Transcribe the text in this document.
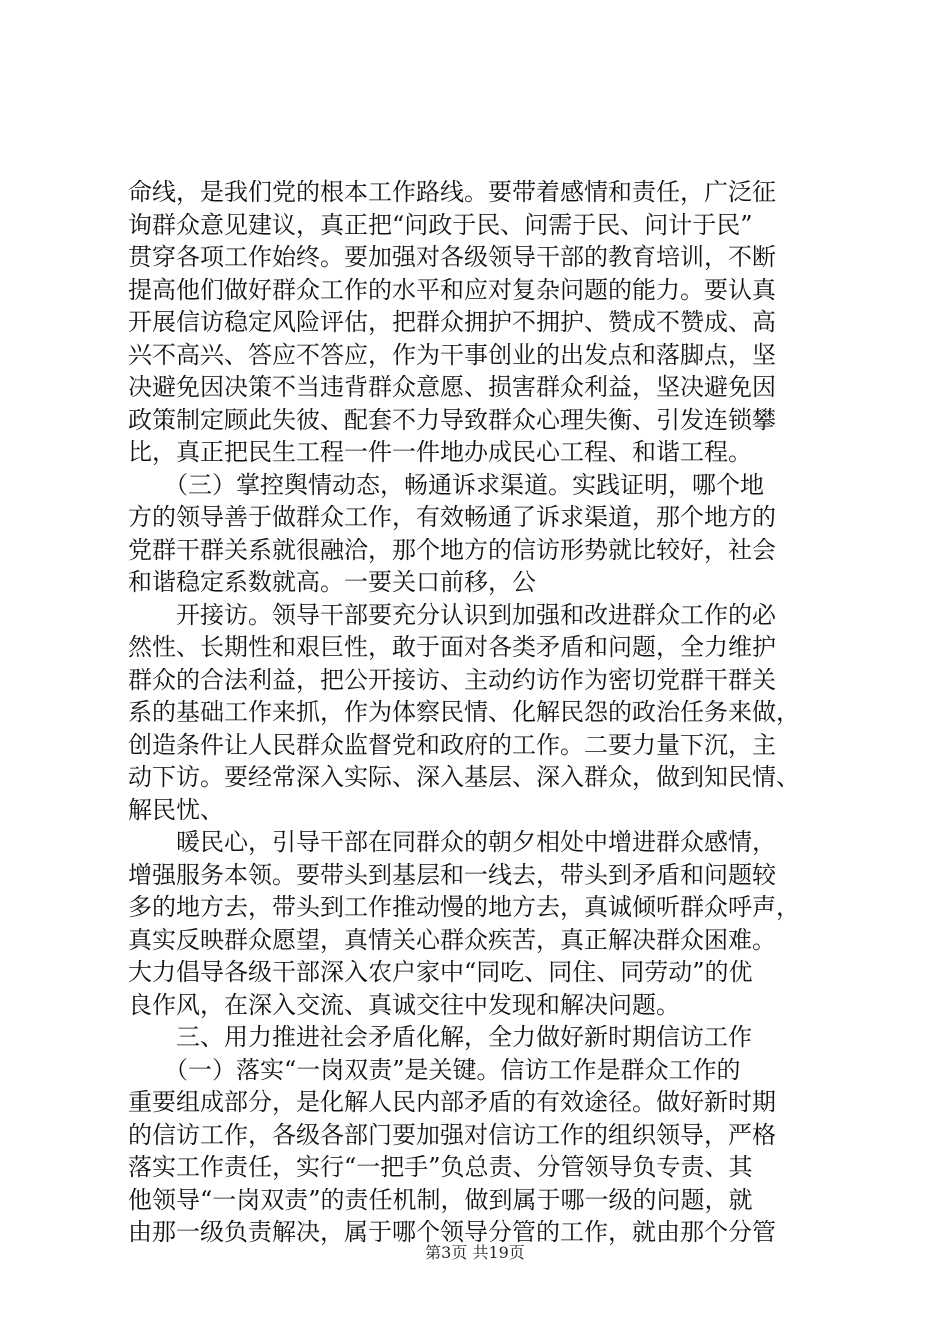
命线，是我们党的根本工作路线。要带着感情和责任，广泛征
询群众意见建议，真正把“问政于民、问需于民、问计于民”
贯穿各项工作始终。要加强对各级领导干部的教育培训，不断
提高他们做好群众工作的水平和应对复杂问题的能力。要认真
开展信访稳定风险评估，把群众拥护不拥护、赞成不赞成、高
兴不高兴、答应不答应，作为干事创业的出发点和落脚点，坚
决避免因决策不当违背群众意愿、损害群众利益，坚决避免因
政策制定顾此失彼、配套不力导致群众心理失衡、引发连锁攀
比，真正把民生工程一件一件地办成民心工程、和谐工程。
　　（三）掌控舆情动态，畅通诉求渠道。实践证明，哪个地
方的领导善于做群众工作，有效畅通了诉求渠道，那个地方的
党群干群关系就很融洽，那个地方的信访形势就比较好，社会
和谐稳定系数就高。一要关口前移，公
　　开接访。领导干部要充分认识到加强和改进群众工作的必
然性、长期性和艰巨性，敢于面对各类矛盾和问题，全力维护
群众的合法利益，把公开接访、主动约访作为密切党群干群关
系的基础工作来抓，作为体察民情、化解民怨的政治任务来做，
创造条件让人民群众监督党和政府的工作。二要力量下沉，主
动下访。要经常深入实际、深入基层、深入群众，做到知民情、
解民忧、
　　暖民心，引导干部在同群众的朝夕相处中增进群众感情，
增强服务本领。要带头到基层和一线去，带头到矛盾和问题较
多的地方去，带头到工作推动慢的地方去，真诚倾听群众呼声，
真实反映群众愿望，真情关心群众疾苦，真正解决群众困难。
大力倡导各级干部深入农户家中“同吃、同住、同劳动”的优
良作风，在深入交流、真诚交往中发现和解决问题。
　　三、用力推进社会矛盾化解，全力做好新时期信访工作
　　（一）落实“一岗双责”是关键。信访工作是群众工作的
重要组成部分，是化解人民内部矛盾的有效途径。做好新时期
的信访工作，各级各部门要加强对信访工作的组织领导，严格
落实工作责任，实行“一把手”负总责、分管领导负专责、其
他领导“一岗双责”的责任机制，做到属于哪一级的问题，就
由那一级负责解决，属于哪个领导分管的工作，就由那个分管
第3页 共19页
